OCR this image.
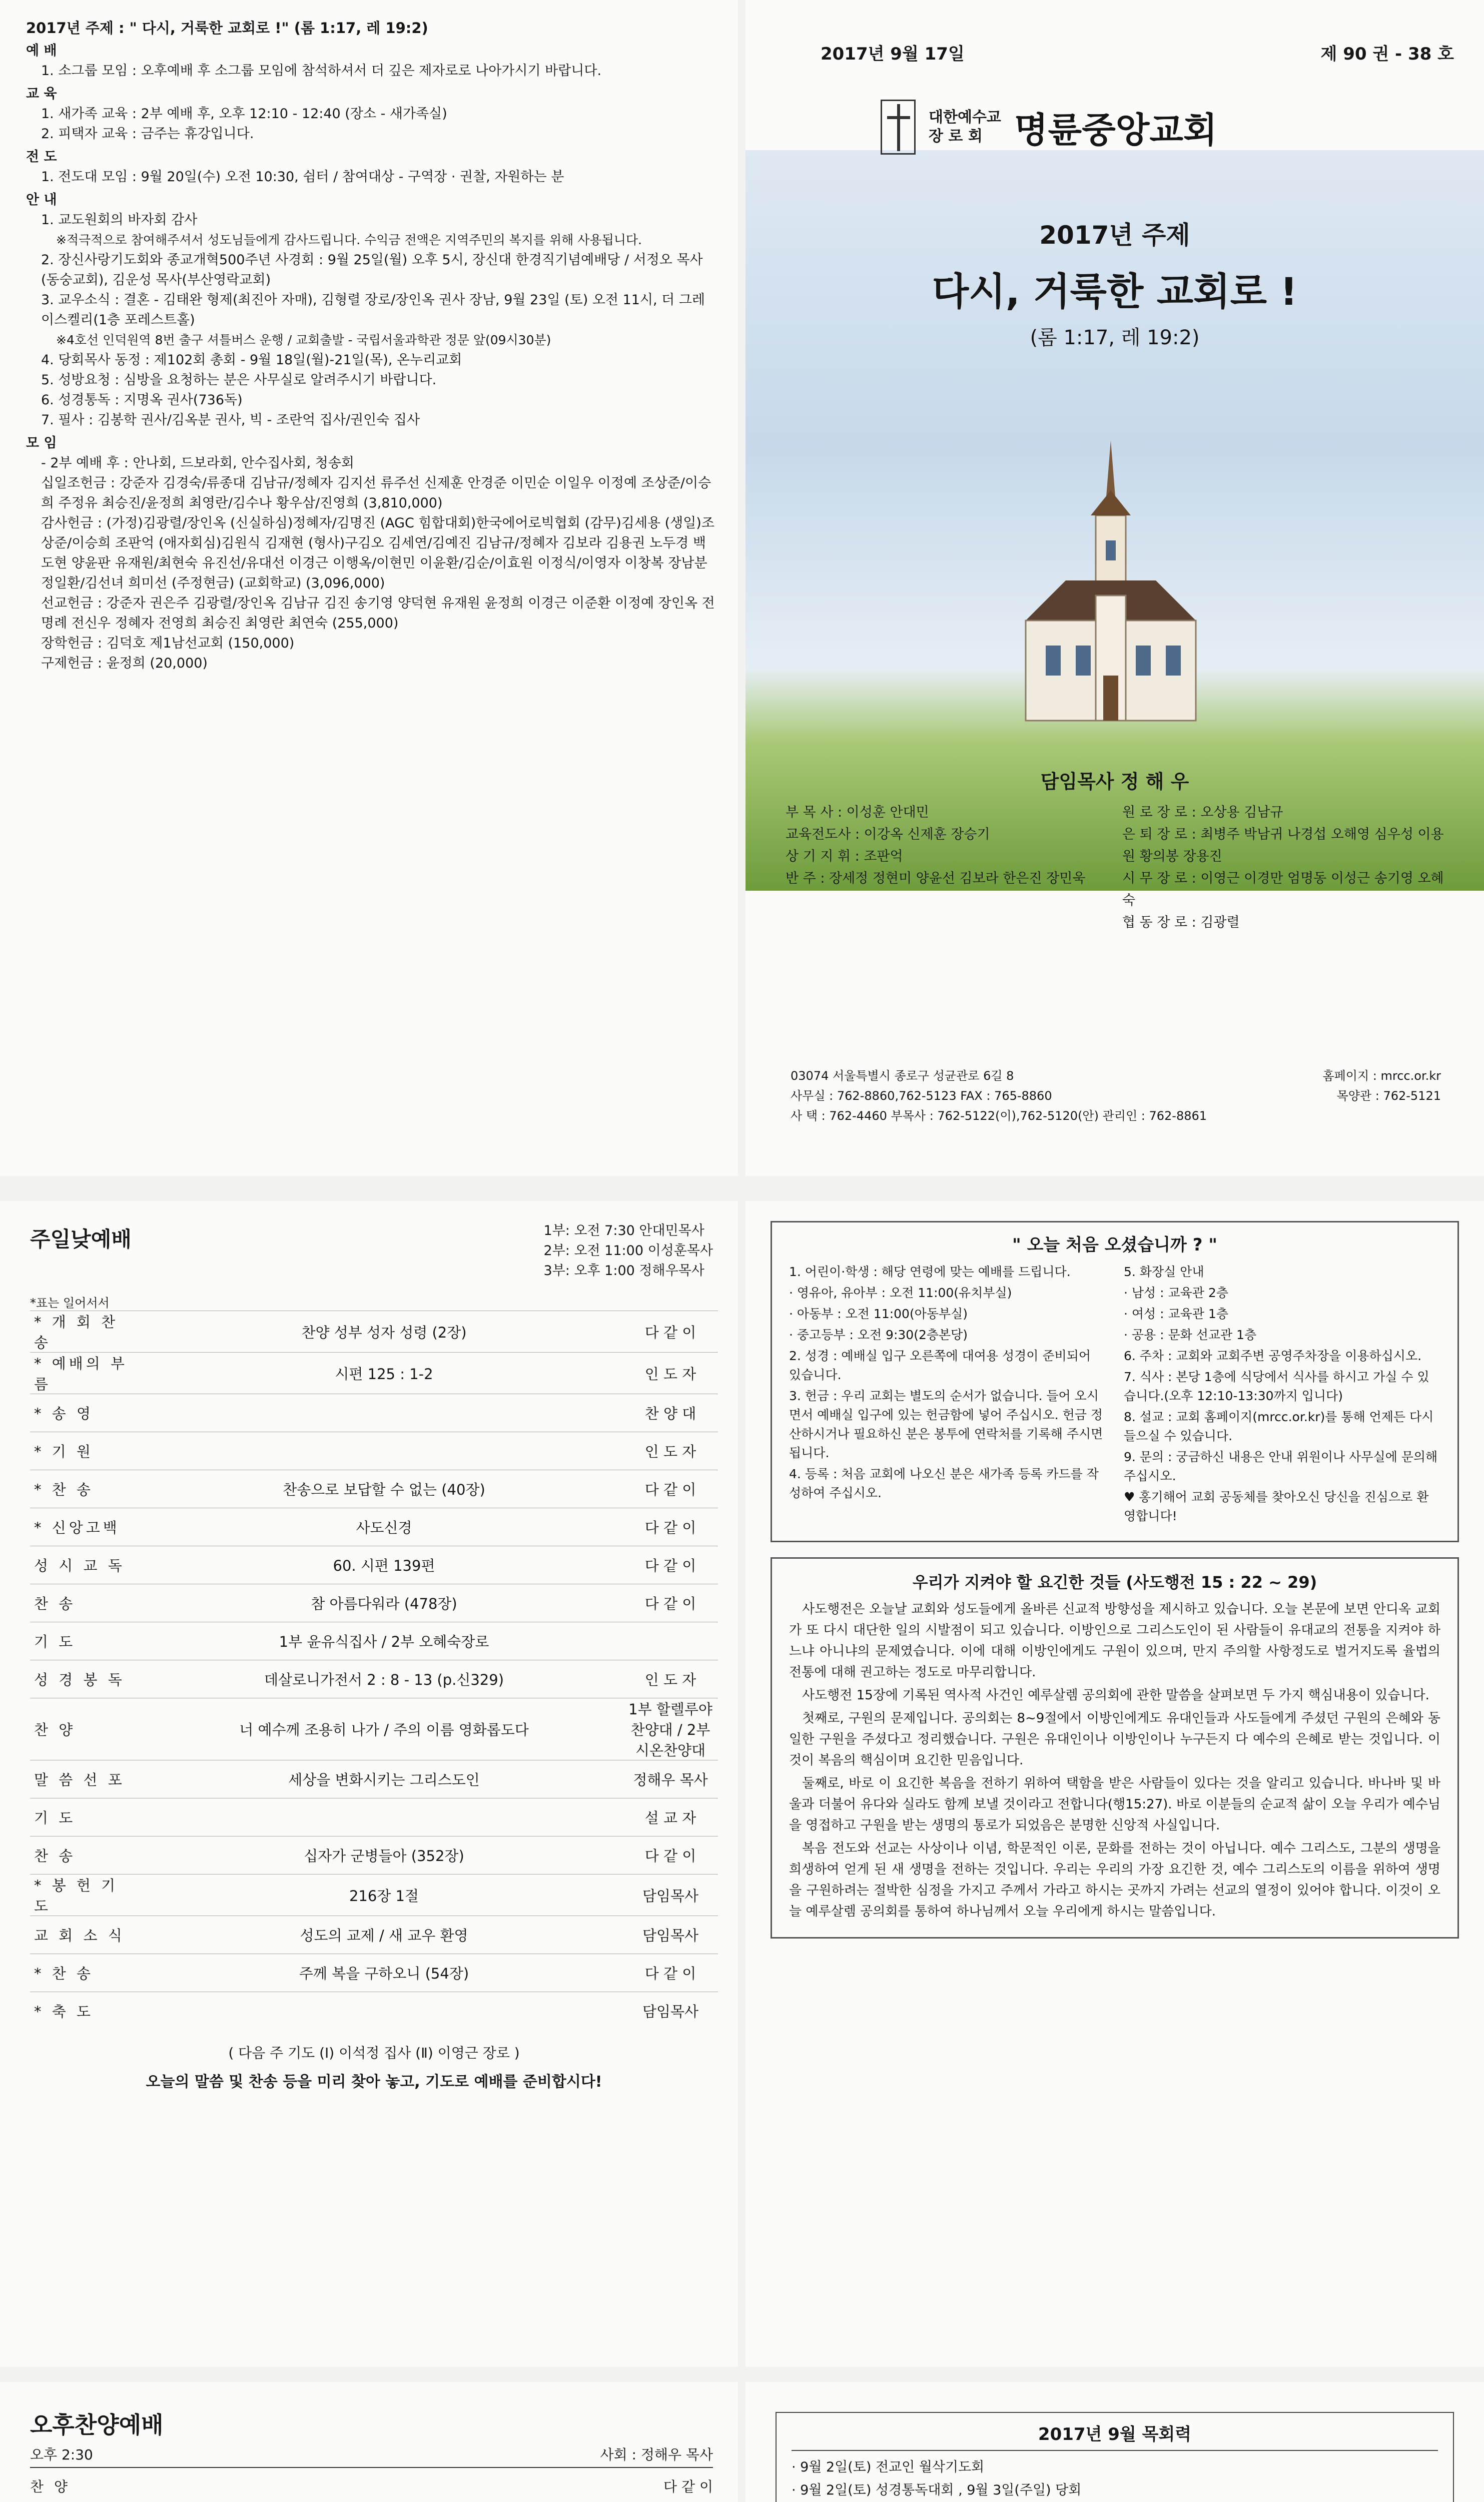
2017년 주제 : " 다시, 거룩한 교회로 !" (롬 1:17, 레 19:2)
예 배
1. 소그룹 모임 : 오후예배 후 소그룹 모임에 참석하셔서 더 깊은 제자로로 나아가시기 바랍니다.
교 육
1. 새가족 교육 : 2부 예배 후, 오후 12:10 - 12:40 (장소 - 새가족실)
2. 피택자 교육 : 금주는 휴강입니다.
전 도
1. 전도대 모임 : 9월 20일(수) 오전 10:30, 쉼터 / 참여대상 - 구역장 · 권찰, 자원하는 분
안 내
1. 교도원회의 바자회 감사
※적극적으로 참여해주셔서 성도님들에게 감사드립니다. 수익금 전액은 지역주민의 복지를 위해 사용됩니다.
2. 장신사랑기도회와 종교개혁500주년 사경회 : 9월 25일(월) 오후 5시, 장신대 한경직기념예배당 / 서정오 목사(동숭교회), 김운성 목사(부산영락교회)
3. 교우소식 : 결혼 - 김태완 형제(최진아 자매), 김형렬 장로/장인옥 권사 장남, 9월 23일 (토) 오전 11시, 더 그레이스켈리(1층 포레스트홀)
※4호선 인덕원역 8번 출구 셔틀버스 운행 / 교회출발 - 국립서울과학관 정문 앞(09시30분)
4. 당회목사 동정 : 제102회 총회 - 9월 18일(월)-21일(목), 온누리교회
5. 성방요청 : 심방을 요청하는 분은 사무실로 알려주시기 바랍니다.
6. 성경통독 : 지명옥 권사(736독)
7. 필사 : 김봉학 권사/김옥분 권사, 빅 - 조란억 집사/권인숙 집사
모 임
- 2부 예배 후 : 안나회, 드보라회, 안수집사회, 청송회
십일조헌금 : 강준자 김경숙/류종대 김남규/정혜자 김지선 류주선 신제훈 안경준 이민순 이일우 이정예 조상준/이승희 주정유 최승진/윤정희 최영란/김수나 황우삼/진영희 (3,810,000)
감사헌금 : (가정)김광렬/장인옥 (신실하심)정혜자/김명진 (AGC 힘합대회)한국에어로빅협회 (감무)김세용 (생일)조상준/이승희 조판억 (애자회심)김원식 김재현 (형사)구김오 김세연/김예진 김남규/정혜자 김보라 김용권 노두경 백도현 양윤판 유재원/최현숙 유진선/유대선 이경근 이행옥/이현민 이윤환/김순/이효원 이정식/이영자 이창복 장남분 정일환/김선녀 희미선 (주정현금) (교회학교) (3,096,000)
선교헌금 : 강준자 권은주 김광렬/장인옥 김남규 김진 송기영 양덕현 유재원 윤정희 이경근 이준환 이정예 장인옥 전명례 전신우 정혜자 전영희 최승진 최영란 최연숙 (255,000)
장학헌금 : 김덕호 제1남선교회 (150,000)
구제헌금 : 윤정희 (20,000)
2017년 9월 17일	제 90 권 - 38 호
대한예수교
장 로 회 명륜중앙교회
2017년 주제
다시, 거룩한 교회로 !
(롬 1:17, 레 19:2)
담임목사 정 해 우
부 목 사 : 이성훈 안대민
교육전도사 : 이강옥 신제훈 장승기
상 기 지 휘 : 조판억
반 주 : 장세정 정현미 양윤선 김보라 한은진 장민욱
원 로 장 로 : 오상용 김남규
은 퇴 장 로 : 최병주 박남귀 나경섭 오해영 심우성 이용원 황의봉 장용진
시 무 장 로 : 이영근 이경만 엄명동 이성근 송기영 오혜숙
협 동 장 로 : 김광렬
03074 서울특별시 종로구 성균관로 6길 8	홈페이지 : mrcc.or.kr
사무실 : 762-8860,762-5123 FAX : 765-8860	목양관 : 762-5121
사 택 : 762-4460 부목사 : 762-5122(이),762-5120(안) 관리인 : 762-8861
주일낮예배	1부: 오전 7:30 안대민목사
2부: 오전 11:00 이성훈목사
3부: 오후 1:00 정해우목사
*표는 일어서서
* 개 회 찬 송	찬양 성부 성자 성령 (2장)	다 같 이
* 예배의 부름	시편 125 : 1-2	인 도 자
* 송 영		찬 양 대
* 기 원		인 도 자
* 찬 송	찬송으로 보답할 수 없는 (40장)	다 같 이
* 신앙고백	사도신경	다 같 이
성 시 교 독	60. 시편 139편	다 같 이
찬 송	참 아름다워라 (478장)	다 같 이
기 도	1부 윤유식집사 / 2부 오혜숙장로	
성 경 봉 독	데살로니가전서 2 : 8 - 13 (p.신329)	인 도 자
찬 양	너 예수께 조용히 나가 / 주의 이름 영화롭도다	1부 할렐루야찬양대 / 2부 시온찬양대
말 씀 선 포	세상을 변화시키는 그리스도인	정해우 목사
기 도		설 교 자
찬 송	십자가 군병들아 (352장)	다 같 이
* 봉 헌 기 도	216장 1절	담임목사
교 회 소 식	성도의 교제 / 새 교우 환영	담임목사
* 찬 송	주께 복을 구하오니 (54장)	다 같 이
* 축 도		담임목사
( 다음 주 기도 (Ⅰ) 이석정 집사 (Ⅱ) 이영근 장로 )
오늘의 말씀 및 찬송 등을 미리 찾아 놓고, 기도로 예배를 준비합시다!
" 오늘 처음 오셨습니까 ? "
1. 어린이·학생 : 해당 연령에 맞는 예배를 드립니다.
· 영유아, 유아부 : 오전 11:00(유치부실)
· 아동부 : 오전 11:00(아동부실)
· 중고등부 : 오전 9:30(2층본당)
2. 성경 : 예배실 입구 오른쪽에 대여용 성경이 준비되어 있습니다.
3. 헌금 : 우리 교회는 별도의 순서가 없습니다. 들어 오시면서 예배실 입구에 있는 헌금함에 넣어 주십시오. 헌금 정산하시거나 필요하신 분은 봉투에 연락처를 기록해 주시면 됩니다.
4. 등록 : 처음 교회에 나오신 분은 새가족 등록 카드를 작성하여 주십시오.
5. 화장실 안내
· 남성 : 교육관 2층
· 여성 : 교육관 1층
· 공용 : 문화 선교관 1층
6. 주차 : 교회와 교회주변 공영주차장을 이용하십시오.
7. 식사 : 본당 1층에 식당에서 식사를 하시고 가실 수 있습니다.(오후 12:10-13:30까지 입니다)
8. 설교 : 교회 홈페이지(mrcc.or.kr)를 통해 언제든 다시 들으실 수 있습니다.
9. 문의 : 궁금하신 내용은 안내 위원이나 사무실에 문의해 주십시오.
♥ 홍기해어 교회 공동체를 찾아오신 당신을 진심으로 환영합니다!
우리가 지켜야 할 요긴한 것들 (사도행전 15 : 22 ~ 29)

사도행전은 오늘날 교회와 성도들에게 올바른 신교적 방향성을 제시하고 있습니다. 오늘 본문에 보면 안디옥 교회가 또 다시 대단한 일의 시발점이 되고 있습니다. 이방인으로 그리스도인이 된 사람들이 유대교의 전통을 지켜야 하느냐 아니냐의 문제였습니다. 이에 대해 이방인에게도 구원이 있으며, 만지 주의할 사항정도로 벌거지도록 율법의 전통에 대해 권고하는 정도로 마무리합니다.

사도행전 15장에 기록된 역사적 사건인 예루살렘 공의회에 관한 말씀을 살펴보면 두 가지 핵심내용이 있습니다.

첫째로, 구원의 문제입니다. 공의회는 8~9절에서 이방인에게도 유대인들과 사도들에게 주셨던 구원의 은혜와 동일한 구원을 주셨다고 정리했습니다. 구원은 유대인이나 이방인이나 누구든지 다 예수의 은혜로 받는 것입니다. 이것이 복음의 핵심이며 요긴한 믿음입니다.

둘째로, 바로 이 요긴한 복음을 전하기 위하여 택함을 받은 사람들이 있다는 것을 알리고 있습니다. 바나바 및 바울과 더불어 유다와 실라도 함께 보낼 것이라고 전합니다(행15:27). 바로 이분들의 순교적 삶이 오늘 우리가 예수님을 영접하고 구원을 받는 생명의 통로가 되었음은 분명한 신앙적 사실입니다.

복음 전도와 선교는 사상이나 이념, 학문적인 이론, 문화를 전하는 것이 아닙니다. 예수 그리스도, 그분의 생명을 희생하여 얻게 된 새 생명을 전하는 것입니다. 우리는 우리의 가장 요긴한 것, 예수 그리스도의 이름을 위하여 생명을 구원하려는 절박한 심정을 가지고 주께서 가라고 하시는 곳까지 가려는 선교의 열정이 있어야 합니다. 이것이 오늘 예루살렘 공의회를 통하여 하나님께서 오늘 우리에게 하시는 말씀입니다.

오후찬양예배
오후 2:30	사회 : 정해우 목사
찬 양	다 같 이

2017년 9월 목회력
· 9월 2일(토) 전교인 월삭기도회
· 9월 2일(토) 성경통독대회 , 9월 3일(주일) 당회
